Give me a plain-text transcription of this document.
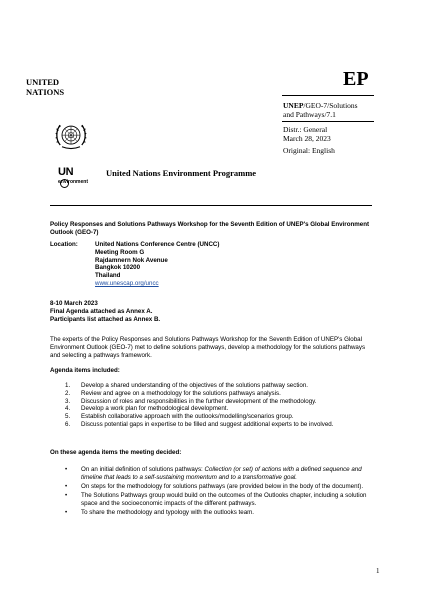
UNITED
NATIONS
EP
UNEP/GEO-7/Solutions
and Pathways/7.1
Distr.: General
March 28, 2023
Original: English
UN
environment
United Nations Environment Programme
Policy Responses and Solutions Pathways Workshop for the Seventh Edition of UNEP's Global Environment Outlook (GEO-7)
Location:	United Nations Conference Centre (UNCC)
Meeting Room G
Rajdamnern Nok Avenue
Bangkok 10200
Thailand
www.unescap.org/uncc
8-10 March 2023
Final Agenda attached as Annex A.
Participants list attached as Annex B.
The experts of the Policy Responses and Solutions Pathways Workshop for the Seventh Edition of UNEP's Global Environment Outlook (GEO-7) met to define solutions pathways, develop a methodology for the solutions pathways and selecting a pathways framework.
Agenda items included:
1. Develop a shared understanding of the objectives of the solutions pathway section.
2. Review and agree on a methodology for the solutions pathways analysis.
3. Discussion of roles and responsibilities in the further development of the methodology.
4. Develop a work plan for methodological development.
5. Establish collaborative approach with the outlooks/modelling/scenarios group.
6. Discuss potential gaps in expertise to be filled and suggest additional experts to be involved.
On these agenda items the meeting decided:
• On an initial definition of solutions pathways: Collection (or set) of actions with a defined sequence and timeline that leads to a self-sustaining momentum and to a transformative goal.
• On steps for the methodology for solutions pathways (are provided below in the body of the document).
• The Solutions Pathways group would build on the outcomes of the Outlooks chapter, including a solution space and the socioeconomic impacts of the different pathways.
• To share the methodology and typology with the outlooks team.
1
